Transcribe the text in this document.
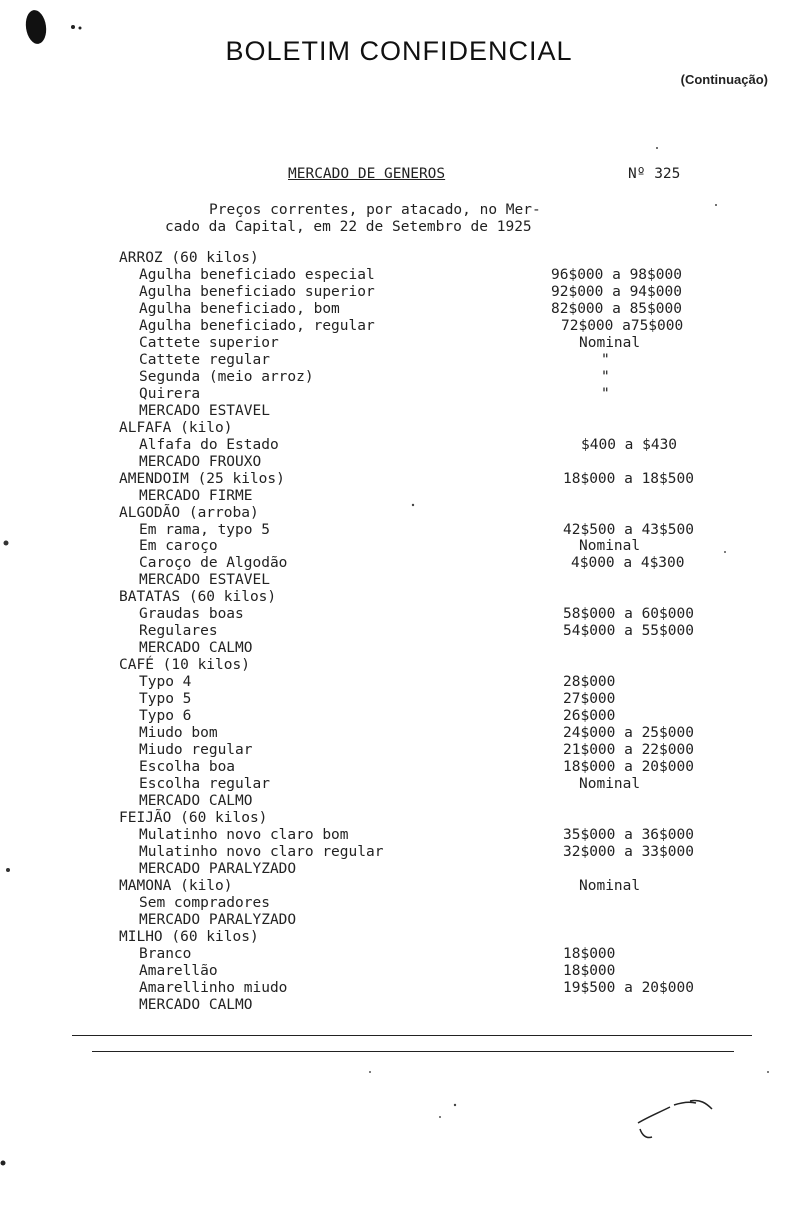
BOLETIM CONFIDENCIAL
(Continuação)
MERCADO DE GENEROS	Nº 325
Preços correntes, por atacado, no Mer-
cado da Capital, em 22 de Setembro de 1925
ARROZ (60 kilos)
Agulha beneficiado especial	96$000 a 98$000
Agulha beneficiado superior	92$000 a 94$000
Agulha beneficiado, bom	82$000 a 85$000
Agulha beneficiado, regular	72$000 a75$000
Cattete superior	Nominal
Cattete regular	"
Segunda (meio arroz)	"
Quirera	"
MERCADO ESTAVEL
ALFAFA (kilo)
Alfafa do Estado	$400 a $430
MERCADO FROUXO
AMENDOIM (25 kilos)	18$000 a 18$500
MERCADO FIRME
ALGODÃO (arroba)
Em rama, typo 5	42$500 a 43$500
Em caroço	Nominal
Caroço de Algodão	4$000 a 4$300
MERCADO ESTAVEL
BATATAS (60 kilos)
Graudas boas	58$000 a 60$000
Regulares	54$000 a 55$000
MERCADO CALMO
CAFÉ (10 kilos)
Typo 4	28$000
Typo 5	27$000
Typo 6	26$000
Miudo bom	24$000 a 25$000
Miudo regular	21$000 a 22$000
Escolha boa	18$000 a 20$000
Escolha regular	Nominal
MERCADO CALMO
FEIJÃO (60 kilos)
Mulatinho novo claro bom	35$000 a 36$000
Mulatinho novo claro regular	32$000 a 33$000
MERCADO PARALYZADO
MAMONA (kilo)	Nominal
Sem compradores
MERCADO PARALYZADO
MILHO (60 kilos)
Branco	18$000
Amarellão	18$000
Amarellinho miudo	19$500 a 20$000
MERCADO CALMO
